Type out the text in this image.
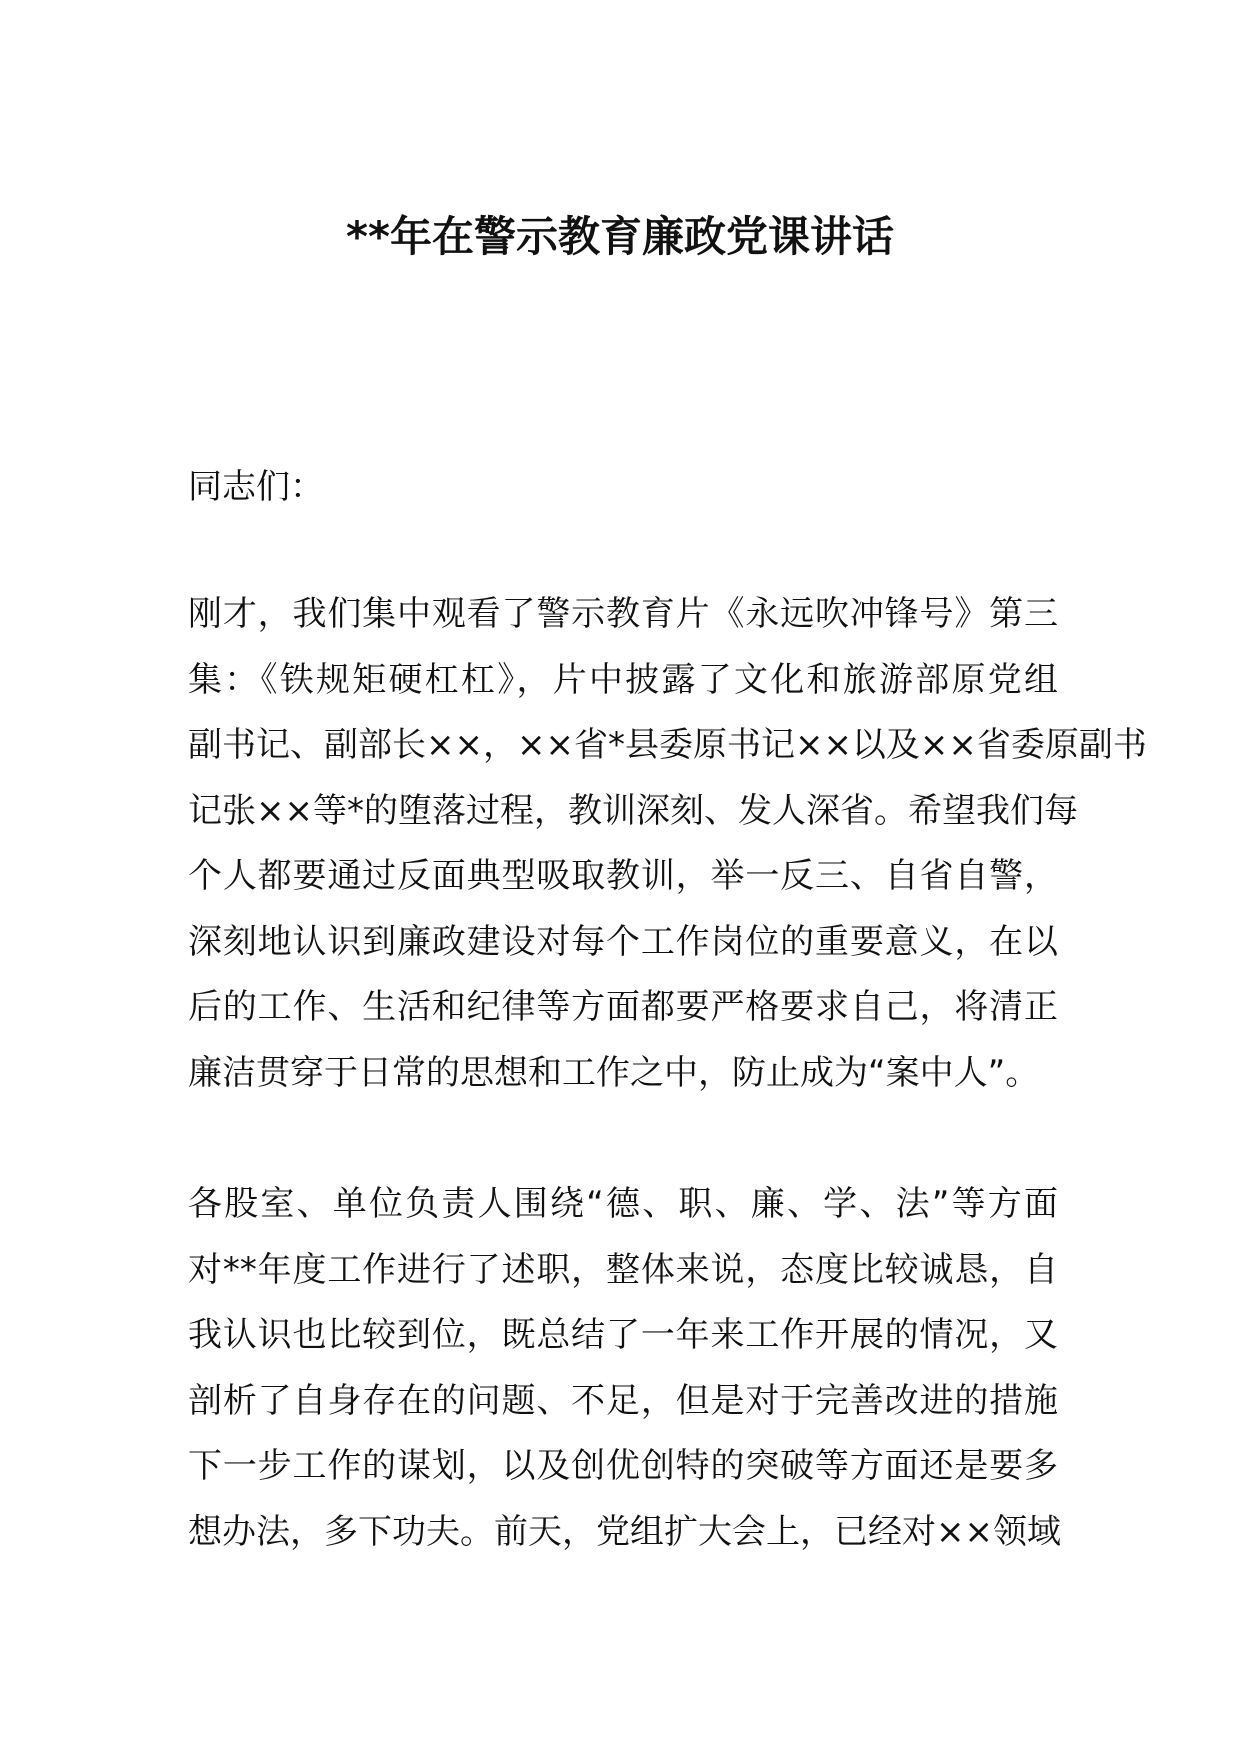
**年在警示教育廉政党课讲话
同志们：
刚才，我们集中观看了警示教育片《永远吹冲锋号》第三
集：《铁规矩硬杠杠》，片中披露了文化和旅游部原党组
副书记、副部长××，××省*县委原书记××以及××省委原副书
记张××等*的堕落过程，教训深刻、发人深省。希望我们每
个人都要通过反面典型吸取教训，举一反三、自省自警，
深刻地认识到廉政建设对每个工作岗位的重要意义，在以
后的工作、生活和纪律等方面都要严格要求自己，将清正
廉洁贯穿于日常的思想和工作之中，防止成为“案中人”。
各股室、单位负责人围绕“德、职、廉、学、法”等方面
对**年度工作进行了述职，整体来说，态度比较诚恳，自
我认识也比较到位，既总结了一年来工作开展的情况，又
剖析了自身存在的问题、不足，但是对于完善改进的措施
下一步工作的谋划，以及创优创特的突破等方面还是要多
想办法，多下功夫。前天，党组扩大会上，已经对××领域
